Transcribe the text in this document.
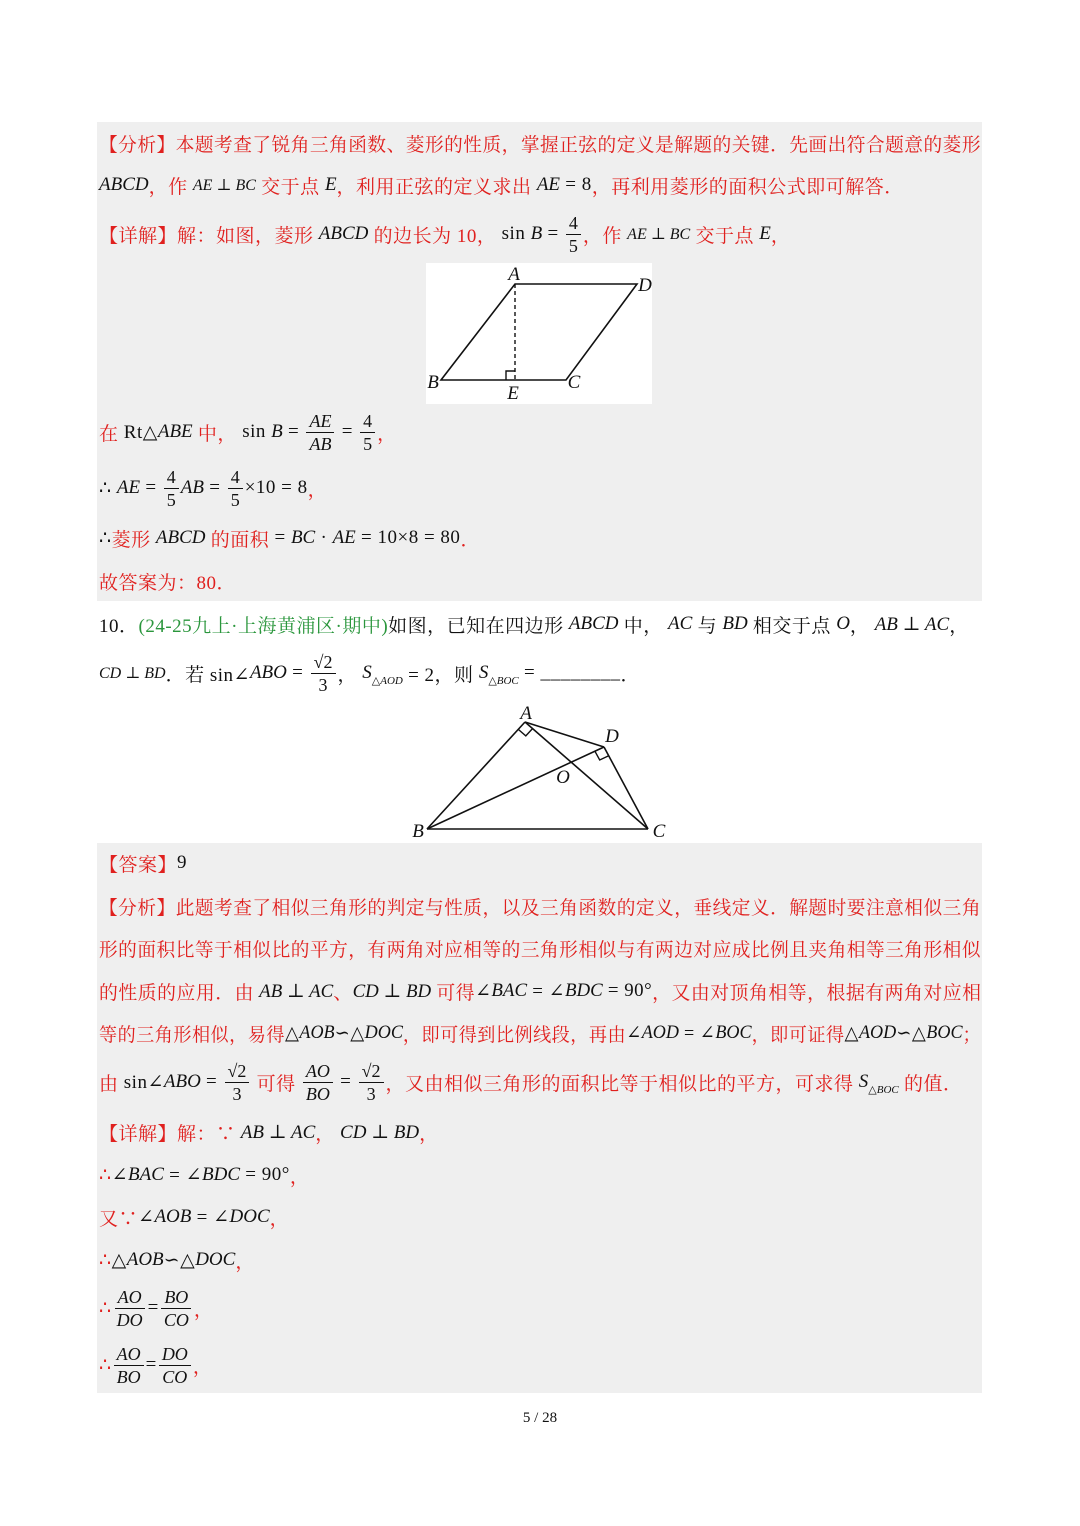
【分析】本题考查了锐角三角函数、菱形的性质，掌握正弦的定义是解题的关键．先画出符合题意的菱形
ABCD ，作 AE ⊥ BC 交于点 E ，利用正弦的定义求出 AE = 8 ，再利用菱形的面积公式即可解答．
【详解】解：如图，菱形 ABCD 的边长为 10， $\sin B = \frac{4}{5}$ ，作 AE ⊥ BC 交于点 E ，
A
D
B	C
E
在 Rt△ ABE 中， $\sin B = \frac{AE}{AB} = \frac{4}{5}$ ，
∴ AE = $\frac{4}{5}$ AB = $\frac{4}{5} \times 10 = 8$ ，
∴ 菱形 ABCD 的面积 = BC · AE = 10×8 = 80 ．
故答案为：80．
10． (24-25九上·上海黄浦区·期中) 如图，已知在四边形 ABCD 中， AC 与 BD 相交于点 O ， AB ⊥ AC ，
CD ⊥ BD ．若 sin∠ ABO = $\frac{√2}{3}$ ， S △AOD = 2，则 S △BOC = ________ ．
A
D
O
B	C
【答案】 9
【分析】此题考查了相似三角形的判定与性质，以及三角函数的定义，垂线定义．解题时要注意相似三角
形的面积比等于相似比的平方，有两角对应相等的三角形相似与有两边对应成比例且夹角相等三角形相似
的性质的应用．由 AB ⊥ AC 、 CD ⊥ BD 可得 ∠ BAC = ∠ BDC = 90° ，又由对顶角相等，根据有两角对应相
等的三角形相似，易得 △ AOB ∽△ DOC ，即可得到比例线段，再由 ∠ AOD = ∠ BOC ，即可证得 △ AOD ∽△ BOC ；
由 sin∠ ABO = $\frac{√2}{3}$ 可得 $\frac{AO}{BO} = \frac{√2}{3}$ ，又由相似三角形的面积比等于相似比的平方，可求得 S △BOC 的值．
【详解】解：∵ AB ⊥ AC ， CD ⊥ BD ，
∴ ∠ BAC = ∠ BDC = 90° ，
又∵ ∠ AOB = ∠ DOC ，
∴ △ AOB ∽△ DOC ，
∴ $\frac{AO}{DO} = \frac{BO}{CO}$ ，
∴ $\frac{AO}{BO} = \frac{DO}{CO}$ ，
5 / 28
